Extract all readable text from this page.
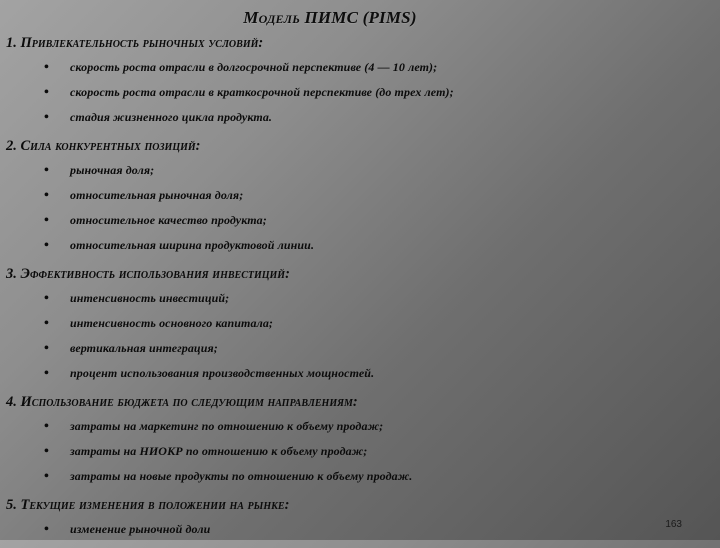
Модель ПИМС (PIMS)
1. Привлекательность рыночных условий:
• скорость роста отрасли в долгосрочной перспективе (4 — 10 лет);
• скорость роста отрасли в краткосрочной перспективе (до трех лет);
• стадия жизненного цикла продукта.
2. Сила конкурентных позиций:
• рыночная доля;
• относительная рыночная доля;
• относительное качество продукта;
• относительная ширина продуктовой линии.
3. Эффективность использования инвестиций:
• интенсивность инвестиций;
• интенсивность основного капитала;
• вертикальная интеграция;
• процент использования производственных мощностей.
4. Использование бюджета по следующим направлениям:
• затраты на маркетинг по отношению к объему продаж;
• затраты на НИОКР по отношению к объему продаж;
• затраты на новые продукты по отношению к объему продаж.
5. Текущие изменения в положении на рынке:
• изменение рыночной доли	163
